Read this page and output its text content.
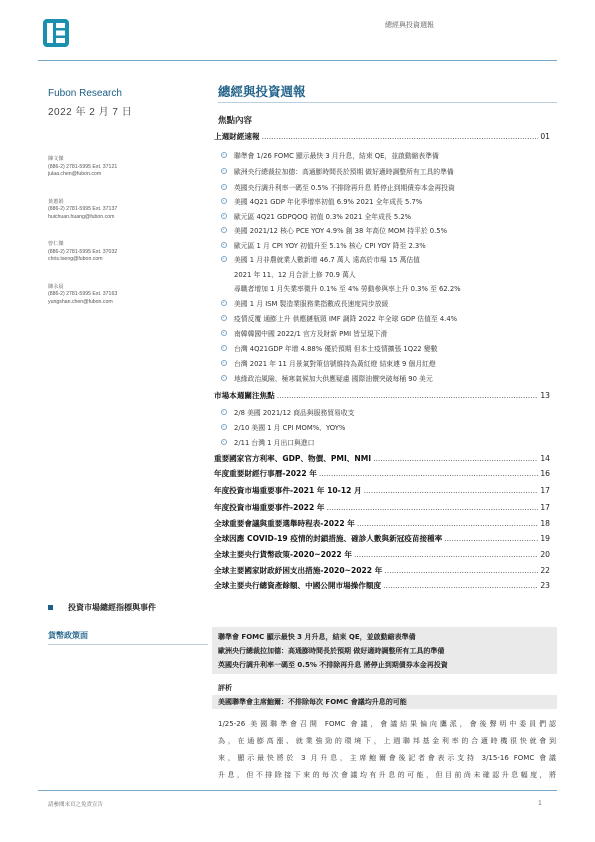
總經與投資週報
Fubon Research
2022 年 2 月 7 日
陳文傑
(886-2) 2781-5995 Ext. 37121
julaa.chen@fubon.com
黃蕙娟
(886-2) 2781-5995 Ext. 37137
huichuan.huang@fubon.com
曾仁傑
(886-2) 2781-5995 Ext. 37032
chris.tseng@fubon.com
陳永晨
(886-2) 2781-5995 Ext. 37163
yungshan.chen@fubon.com
總經與投資週報
焦點內容
上週財經速報 .....	01
聯準會 1/26 FOMC 顯示最快 3 月升息，結束 QE，並啟動縮表準備
歐洲央行總裁拉加德：高通膨時間長於預期 做好適時調整所有工具的準備
英國央行調升利率一碼至 0.5% 不排除再升息 將停止到期債券本金再投資
美國 4Q21 GDP 年化季增率初值 6.9% 2021 全年成長 5.7%
歐元區 4Q21 GDPQOQ 初值 0.3% 2021 全年成長 5.2%
美國 2021/12 核心 PCE YOY 4.9% 創 38 年高位 MOM 持平於 0.5%
歐元區 1 月 CPI YOY 初值升至 5.1% 核心 CPI YOY 降至 2.3%
美國 1 月非農就業人數新增 46.7 萬人 遠高於市場 15 萬估值
2021 年 11、12 月合計上修 70.9 萬人
尋職者增加 1 月失業率微升 0.1% 至 4% 勞動參與率上升 0.3% 至 62.2%
美國 1 月 ISM 製造業服務業指數成長速度同步放緩
疫情反覆 通膨上升 供應鏈瓶頸 IMF 調降 2022 年全球 GDP 估值至 4.4%
南韓韓國中國 2022/1 官方及財新 PMI 皆呈現下滑
台灣 4Q21GDP 年增 4.88% 優於預期 但本土疫情擴張 1Q22 變數
台灣 2021 年 11 月景氣對策信號維持為黃紅燈 結束連 9 個月紅燈
地緣政治風險、極寒氣候加大供應疑慮 國際油價突破每桶 90 美元
市場本週關注焦點 .....	13
2/8 美國 2021/12 商品與服務貿易收支
2/10 美國 1 月 CPI MOM%、YOY%
2/11 台灣 1 月出口與進口
重要國家官方利率、GDP、物價、PMI、NMI .....	14
年度重要財經行事曆-2022 年 .....	16
年度投資市場重要事件-2021 年 10-12 月 .....	17
年度投資市場重要事件-2022 年 .....	17
全球重要會議與重要選舉時程表-2022 年 .....	18
全球因應 COVID-19 疫情的封鎖措施、確診人數與新冠疫苗接種率 .....	19
全球主要央行貨幣政策-2020~2022 年 .....	20
全球主要國家財政紓困支出措施-2020~2022 年 .....	22
全球主要央行總資產餘額、中國公開市場操作額度 .....	23
投資市場總經指標與事件
貨幣政策面	聯準會 FOMC 顯示最快 3 月升息，結束 QE，並啟動縮表準備
歐洲央行總裁拉加德：高通膨時間長於預期 做好適時調整所有工具的準備
英國央行調升利率一碼至 0.5% 不排除再升息 將停止到期債券本金再投資
評析
美國聯準會主席鮑爾：不排除每次 FOMC 會議均升息的可能
1/25-26 美國聯準會召開 FOMC 會議，會議結果偏向鷹派，會後聲明中委員們認
為，在通膨高漲、就業強勁的環境下，上週聯邦基金利率的合適時機很快就會到
來，顯示最快將於 3 月升息，主席鮑爾會後記者會表示支持 3/15-16 FOMC 會議
升息，但不排除接下來的每次會議均有升息的可能，但目前尚未確認升息幅度，將
請參閱末頁之免責宣告	1
